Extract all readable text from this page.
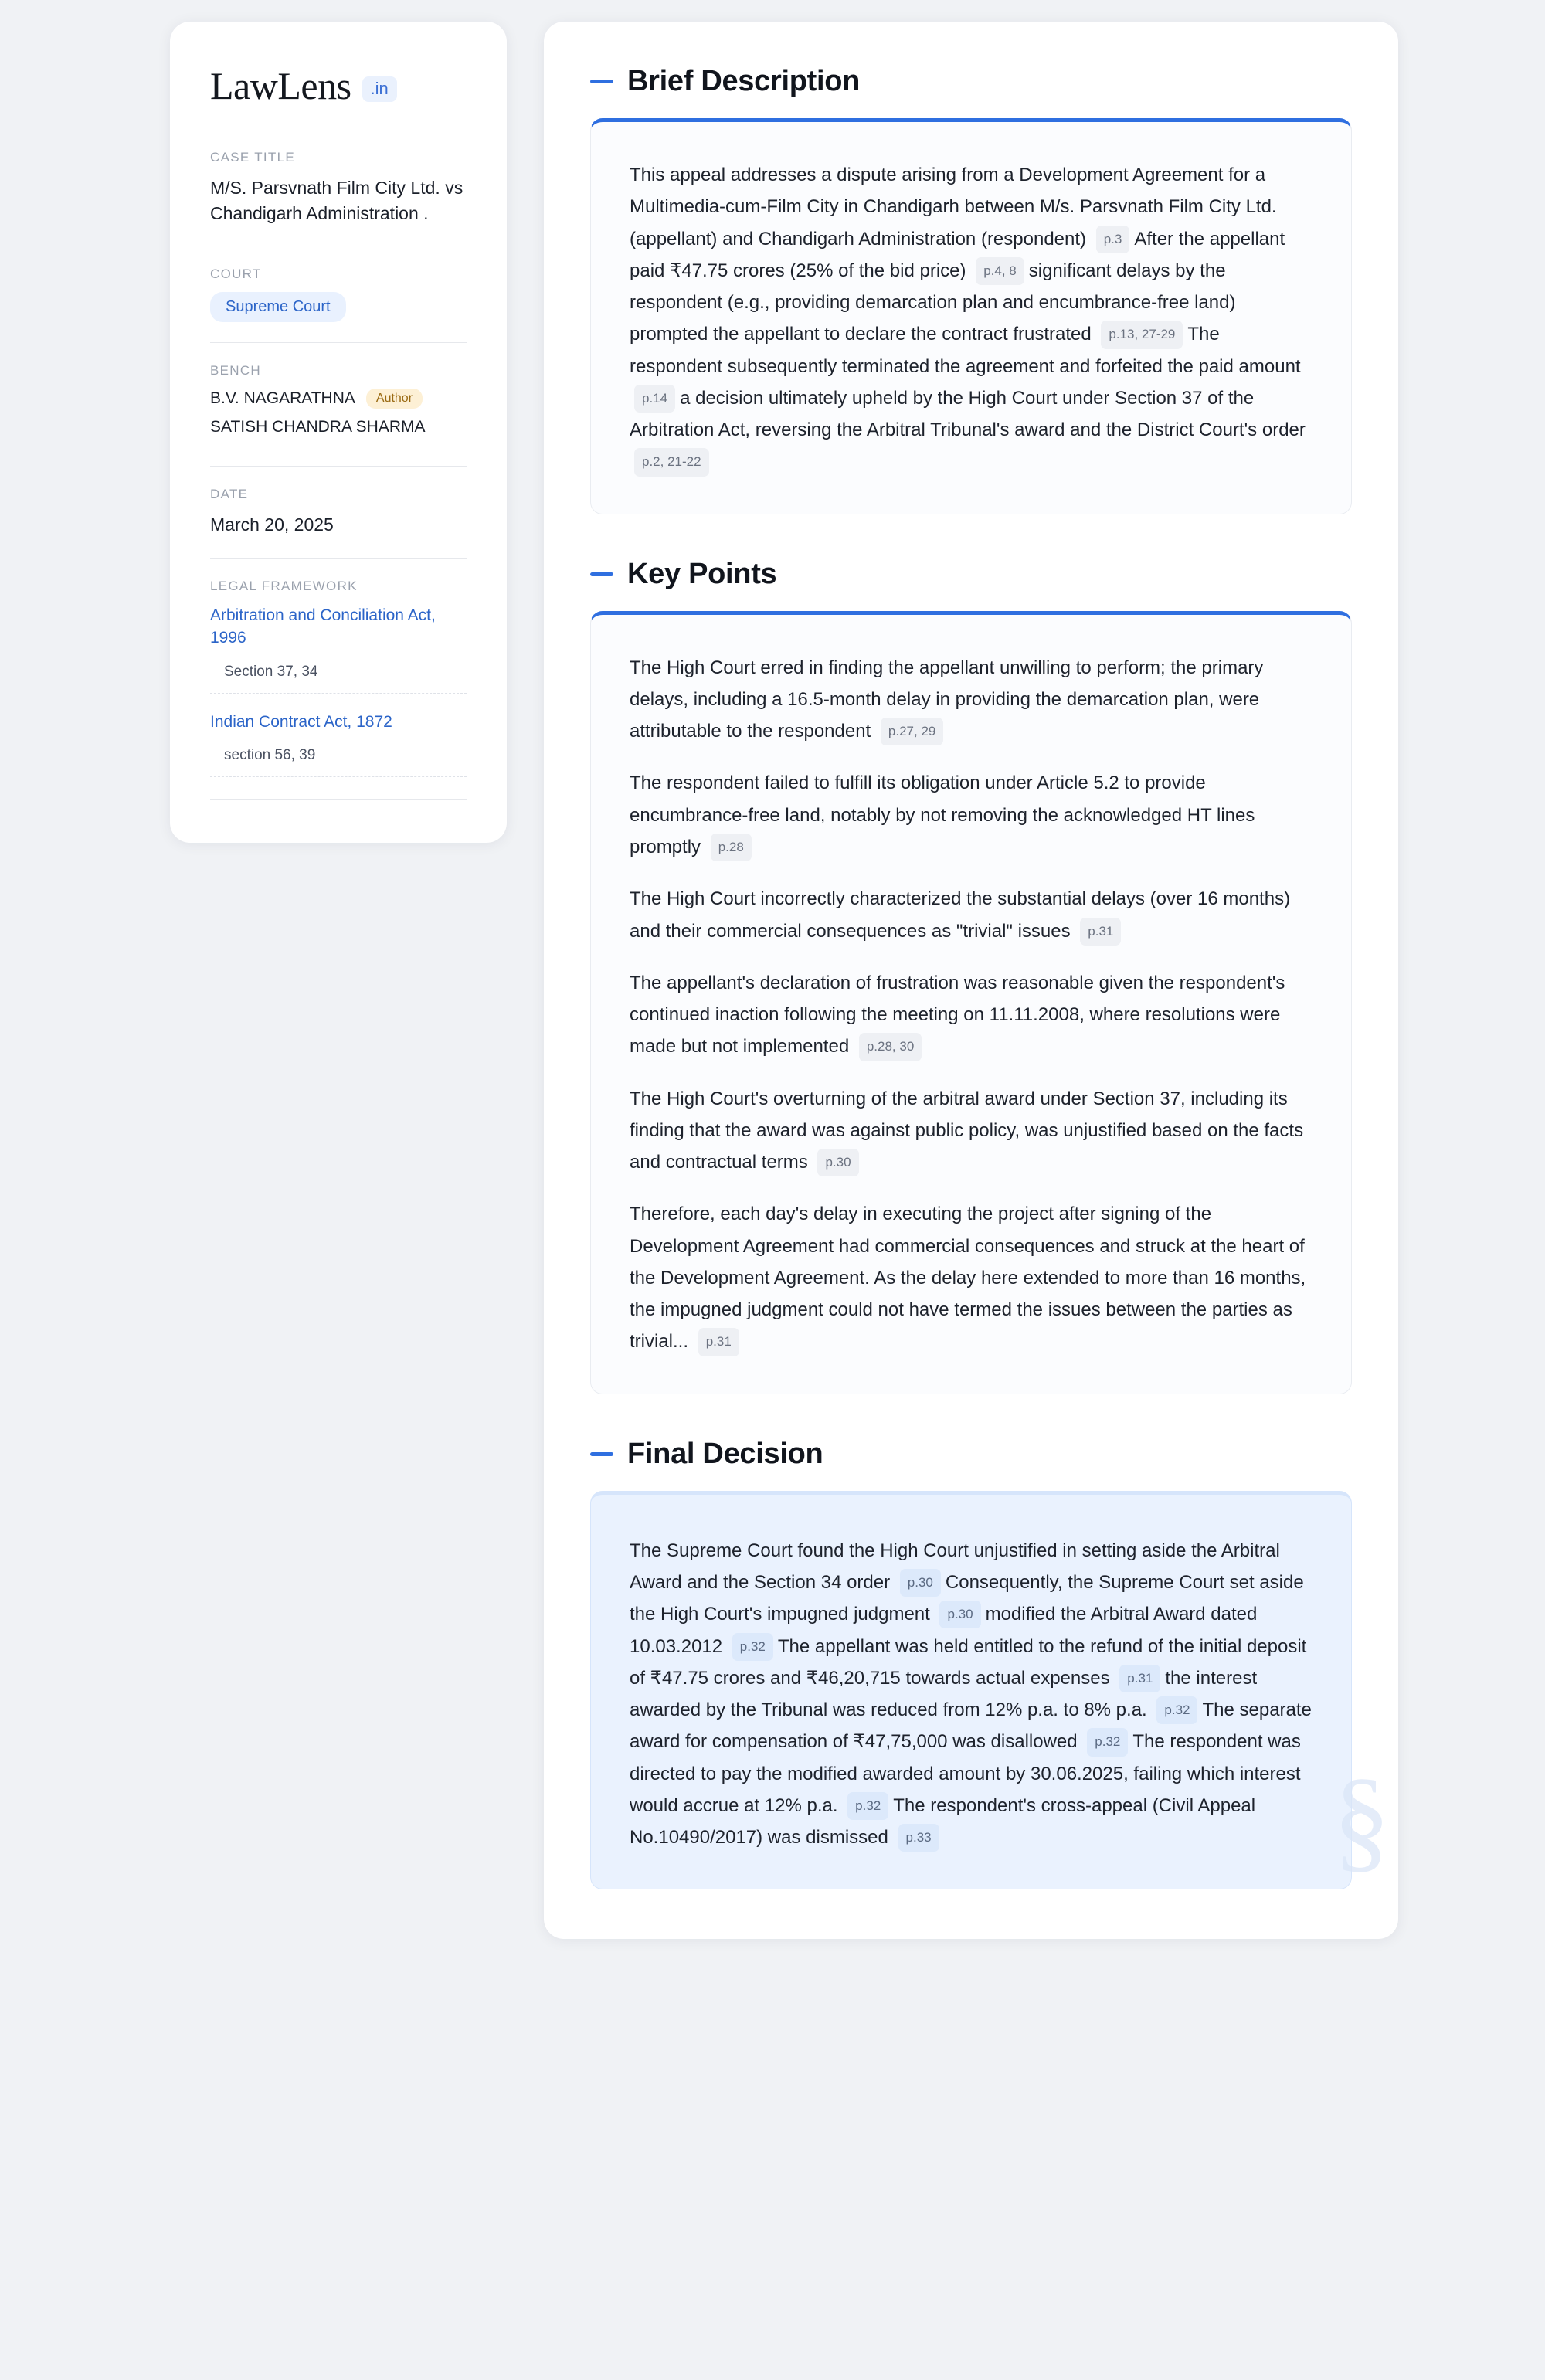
LawLens	.in
CASE TITLE
M/S. Parsvnath Film City Ltd. vs Chandigarh Administration .
COURT
Supreme Court
BENCH
B.V. NAGARATHNA	Author
SATISH CHANDRA SHARMA
DATE
March 20, 2025
LEGAL FRAMEWORK
Arbitration and Conciliation Act, 1996
Section 37, 34
Indian Contract Act, 1872
section 56, 39
Brief Description

This appeal addresses a dispute arising from a Development Agreement for a Multimedia-cum-Film City in Chandigarh between M/s. Parsvnath Film City Ltd. (appellant) and Chandigarh Administration (respondent) p.3 After the appellant paid ₹47.75 crores (25% of the bid price) p.4, 8 significant delays by the respondent (e.g., providing demarcation plan and encumbrance-free land) prompted the appellant to declare the contract frustrated p.13, 27-29 The respondent subsequently terminated the agreement and forfeited the paid amount p.14 a decision ultimately upheld by the High Court under Section 37 of the Arbitration Act, reversing the Arbitral Tribunal's award and the District Court's order p.2, 21-22

Key Points

The High Court erred in finding the appellant unwilling to perform; the primary delays, including a 16.5-month delay in providing the demarcation plan, were attributable to the respondent p.27, 29

The respondent failed to fulfill its obligation under Article 5.2 to provide encumbrance-free land, notably by not removing the acknowledged HT lines promptly p.28

The High Court incorrectly characterized the substantial delays (over 16 months) and their commercial consequences as "trivial" issues p.31

The appellant's declaration of frustration was reasonable given the respondent's continued inaction following the meeting on 11.11.2008, where resolutions were made but not implemented p.28, 30

The High Court's overturning of the arbitral award under Section 37, including its finding that the award was against public policy, was unjustified based on the facts and contractual terms p.30

Therefore, each day's delay in executing the project after signing of the Development Agreement had commercial consequences and struck at the heart of the Development Agreement. As the delay here extended to more than 16 months, the impugned judgment could not have termed the issues between the parties as trivial... p.31

Final Decision

The Supreme Court found the High Court unjustified in setting aside the Arbitral Award and the Section 34 order p.30 Consequently, the Supreme Court set aside the High Court's impugned judgment p.30 modified the Arbitral Award dated 10.03.2012 p.32 The appellant was held entitled to the refund of the initial deposit of ₹47.75 crores and ₹46,20,715 towards actual expenses p.31 the interest awarded by the Tribunal was reduced from 12% p.a. to 8% p.a. p.32 The separate award for compensation of ₹47,75,000 was disallowed p.32 The respondent was directed to pay the modified awarded amount by 30.06.2025, failing which interest would accrue at 12% p.a. p.32 The respondent's cross-appeal (Civil Appeal No.10490/2017) was dismissed p.33	§
